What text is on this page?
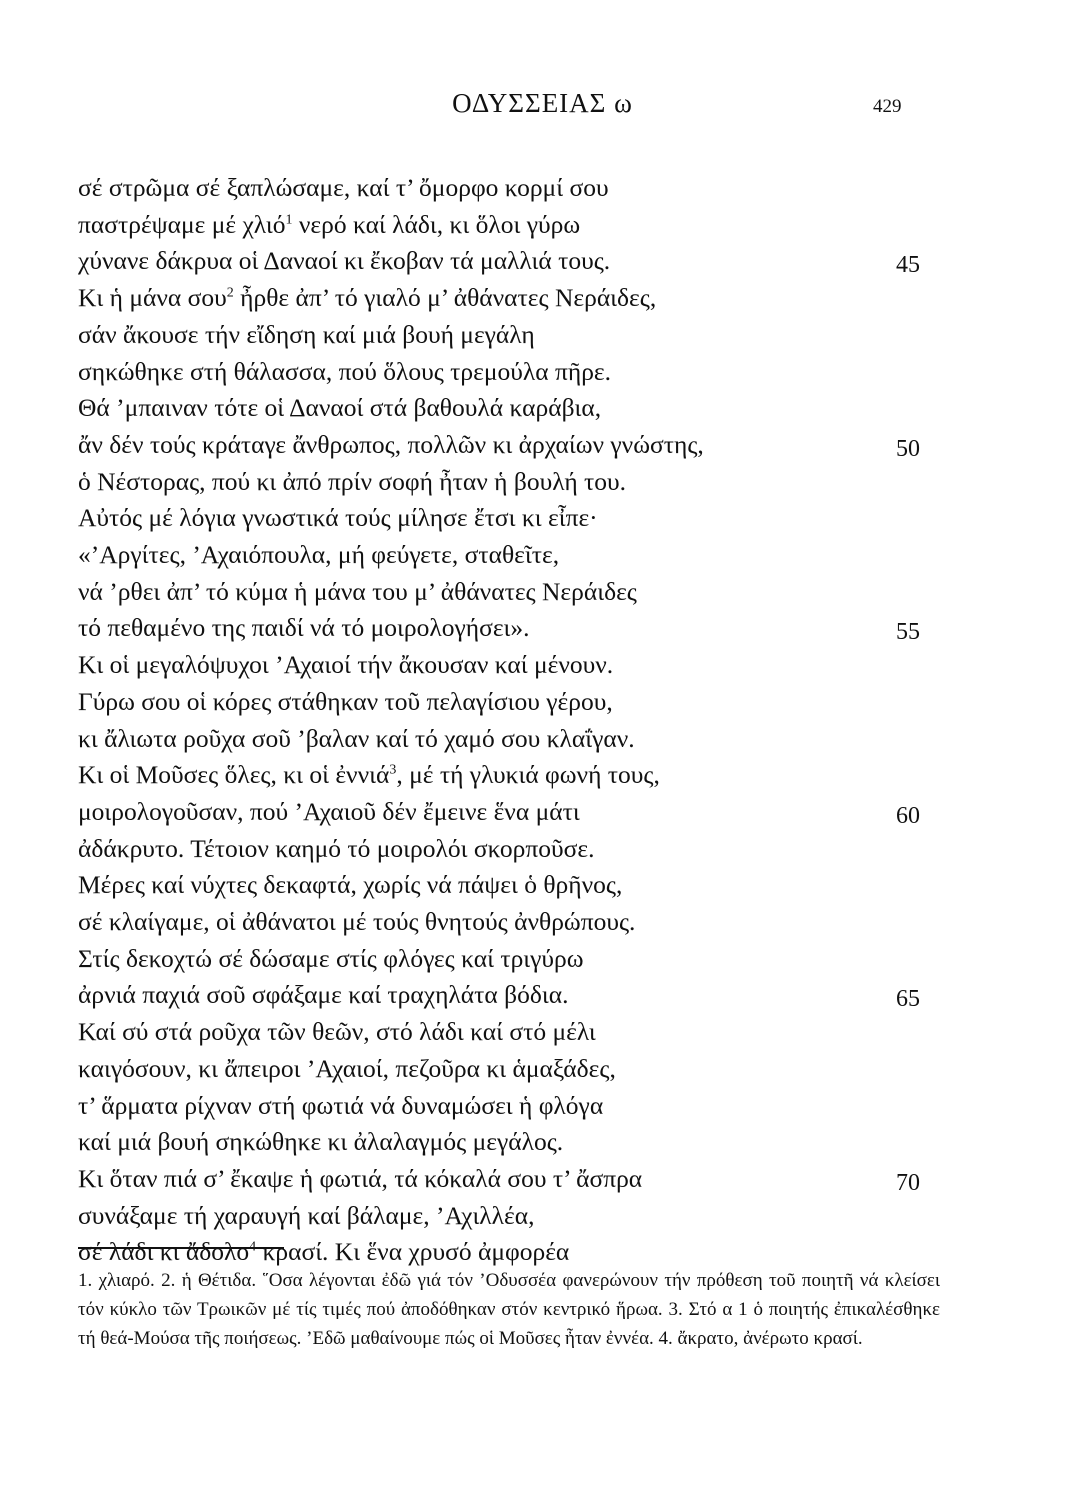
ΟΔΥΣΣΕΙΑΣ ω	429
σέ στρῶμα σέ ξαπλώσαμε, καί τ’ ὄμορφο κορμί σου
παστρέψαμε μέ χλιό$^1$ νερό καί λάδι, κι ὅλοι γύρω
χύνανε δάκρυα οἱ Δαναοί κι ἔκοβαν τά μαλλιά τους.	45
Κι ἡ μάνα σου$^2$ ἦρθε ἀπ’ τό γιαλό μ’ ἀθάνατες Νεράιδες,
σάν ἄκουσε τήν εἴδηση καί μιά βουή μεγάλη
σηκώθηκε στή θάλασσα, πού ὅλους τρεμούλα πῆρε.
Θά ’μπαιναν τότε οἱ Δαναοί στά βαθουλά καράβια,
ἄν δέν τούς κράταγε ἄνθρωπος, πολλῶν κι ἀρχαίων γνώστης,	50
ὁ Νέστορας, πού κι ἀπό πρίν σοφή ἦταν ἡ βουλή του.
Αὐτός μέ λόγια γνωστικά τούς μίλησε ἔτσι κι εἶπε·
«’Αργίτες, ’Αχαιόπουλα, μή φεύγετε, σταθεῖτε,
νά ’ρθει ἀπ’ τό κύμα ἡ μάνα του μ’ ἀθάνατες Νεράιδες
τό πεθαμένο της παιδί νά τό μοιρολογήσει».	55
Κι οἱ μεγαλόψυχοι ’Αχαιοί τήν ἄκουσαν καί μένουν.
Γύρω σου οἱ κόρες στάθηκαν τοῦ πελαγίσιου γέρου,
κι ἄλιωτα ροῦχα σοῦ ’βαλαν καί τό χαμό σου κλαΐγαν.
Κι οἱ Μοῦσες ὅλες, κι οἱ ἐννιά$^3$, μέ τή γλυκιά φωνή τους,
μοιρολογοῦσαν, πού ’Αχαιοῦ δέν ἔμεινε ἕνα μάτι	60
ἀδάκρυτο. Τέτοιον καημό τό μοιρολόι σκορποῦσε.
Μέρες καί νύχτες δεκαφτά, χωρίς νά πάψει ὁ θρῆνος,
σέ κλαίγαμε, οἱ ἀθάνατοι μέ τούς θνητούς ἀνθρώπους.
Στίς δεκοχτώ σέ δώσαμε στίς φλόγες καί τριγύρω
ἀρνιά παχιά σοῦ σφάξαμε καί τραχηλάτα βόδια.	65
Καί σύ στά ροῦχα τῶν θεῶν, στό λάδι καί στό μέλι
καιγόσουν, κι ἄπειροι ’Αχαιοί, πεζοῦρα κι ἁμαξάδες,
τ’ ἅρματα ρίχναν στή φωτιά νά δυναμώσει ἡ φλόγα
καί μιά βουή σηκώθηκε κι ἀλαλαγμός μεγάλος.
Κι ὅταν πιά σ’ ἔκαψε ἡ φωτιά, τά κόκαλά σου τ’ ἄσπρα	70
συνάξαμε τή χαραυγή καί βάλαμε, ’Αχιλλέα,
σέ λάδι κι ἄδολο$^4$ κρασί. Κι ἕνα χρυσό ἀμφορέα

1. χλιαρό. 2. ἡ Θέτιδα. ῞Οσα λέγονται ἐδῶ γιά τόν ’Οδυσσέα φανερώνουν τήν πρόθεση τοῦ ποιητῆ νά κλείσει τόν κύκλο τῶν Τρωικῶν μέ τίς τιμές πού ἀποδόθηκαν στόν κεντρικό ἥρωα. 3. Στό α 1 ὁ ποιητής ἐπικαλέσθηκε τή θεά-Μούσα τῆς ποιήσεως. ’Εδῶ μαθαίνουμε πώς οἱ Μοῦσες ἦταν ἐννέα. 4. ἄκρατο, ἀνέρωτο κρασί.
